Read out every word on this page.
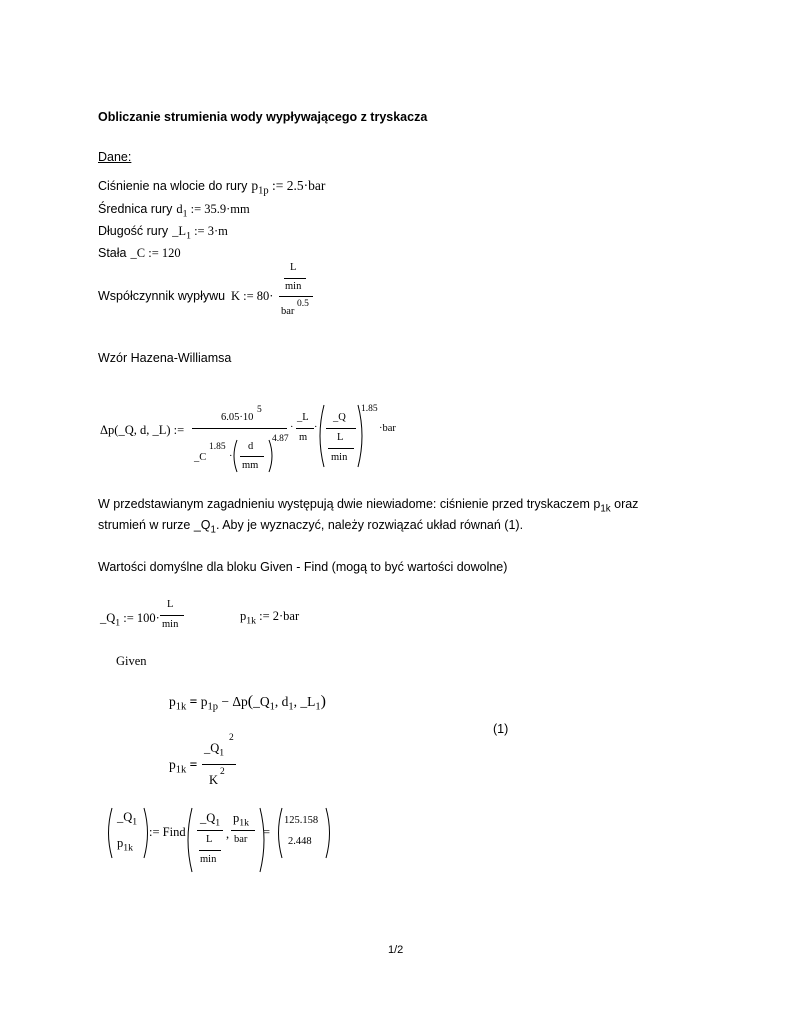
Obliczanie strumienia wody wypływającego z tryskacza
Dane:
Ciśnienie na wlocie do rury $p_{1p}$ := 2.5·bar
Średnica rury $d_1$ := 35.9·mm
Długość rury $\_L_1$ := 3·m
Stała _C := 120
Współczynnik wypływu K := 80·
L
min
bar
0.5
Wzór Hazena-Williamsa
Δp(_Q, d, _L) :=
6.05·10
5
_C
1.85
·
d
mm
4.87
·
_L
m
·
_Q
L
min
1.85
·bar
W przedstawianym zagadnieniu występują dwie niewiadome: ciśnienie przed tryskaczem $p_{1k}$ oraz
strumień w rurze $\_Q_1$. Aby je wyznaczyć, należy rozwiązać układ równań (1).
Wartości domyślne dla bloku Given - Find (mogą to być wartości dowolne)
$\_Q_1$ := 100·
L
min
$p_{1k}$ := 2·bar
Given
$p_{1k} = p_{1p}$ − $\Delta p(\_Q_1$, $d_1$, $\_L_1$)
(1)
$p_{1k}$ =
$\_Q_1$
2
K
2
$\_Q_1$
$p_{1k}$
:= Find
$\_Q_1$
L
min
,
$p_{1k}$
bar
=
125.158
2.448
1/2
